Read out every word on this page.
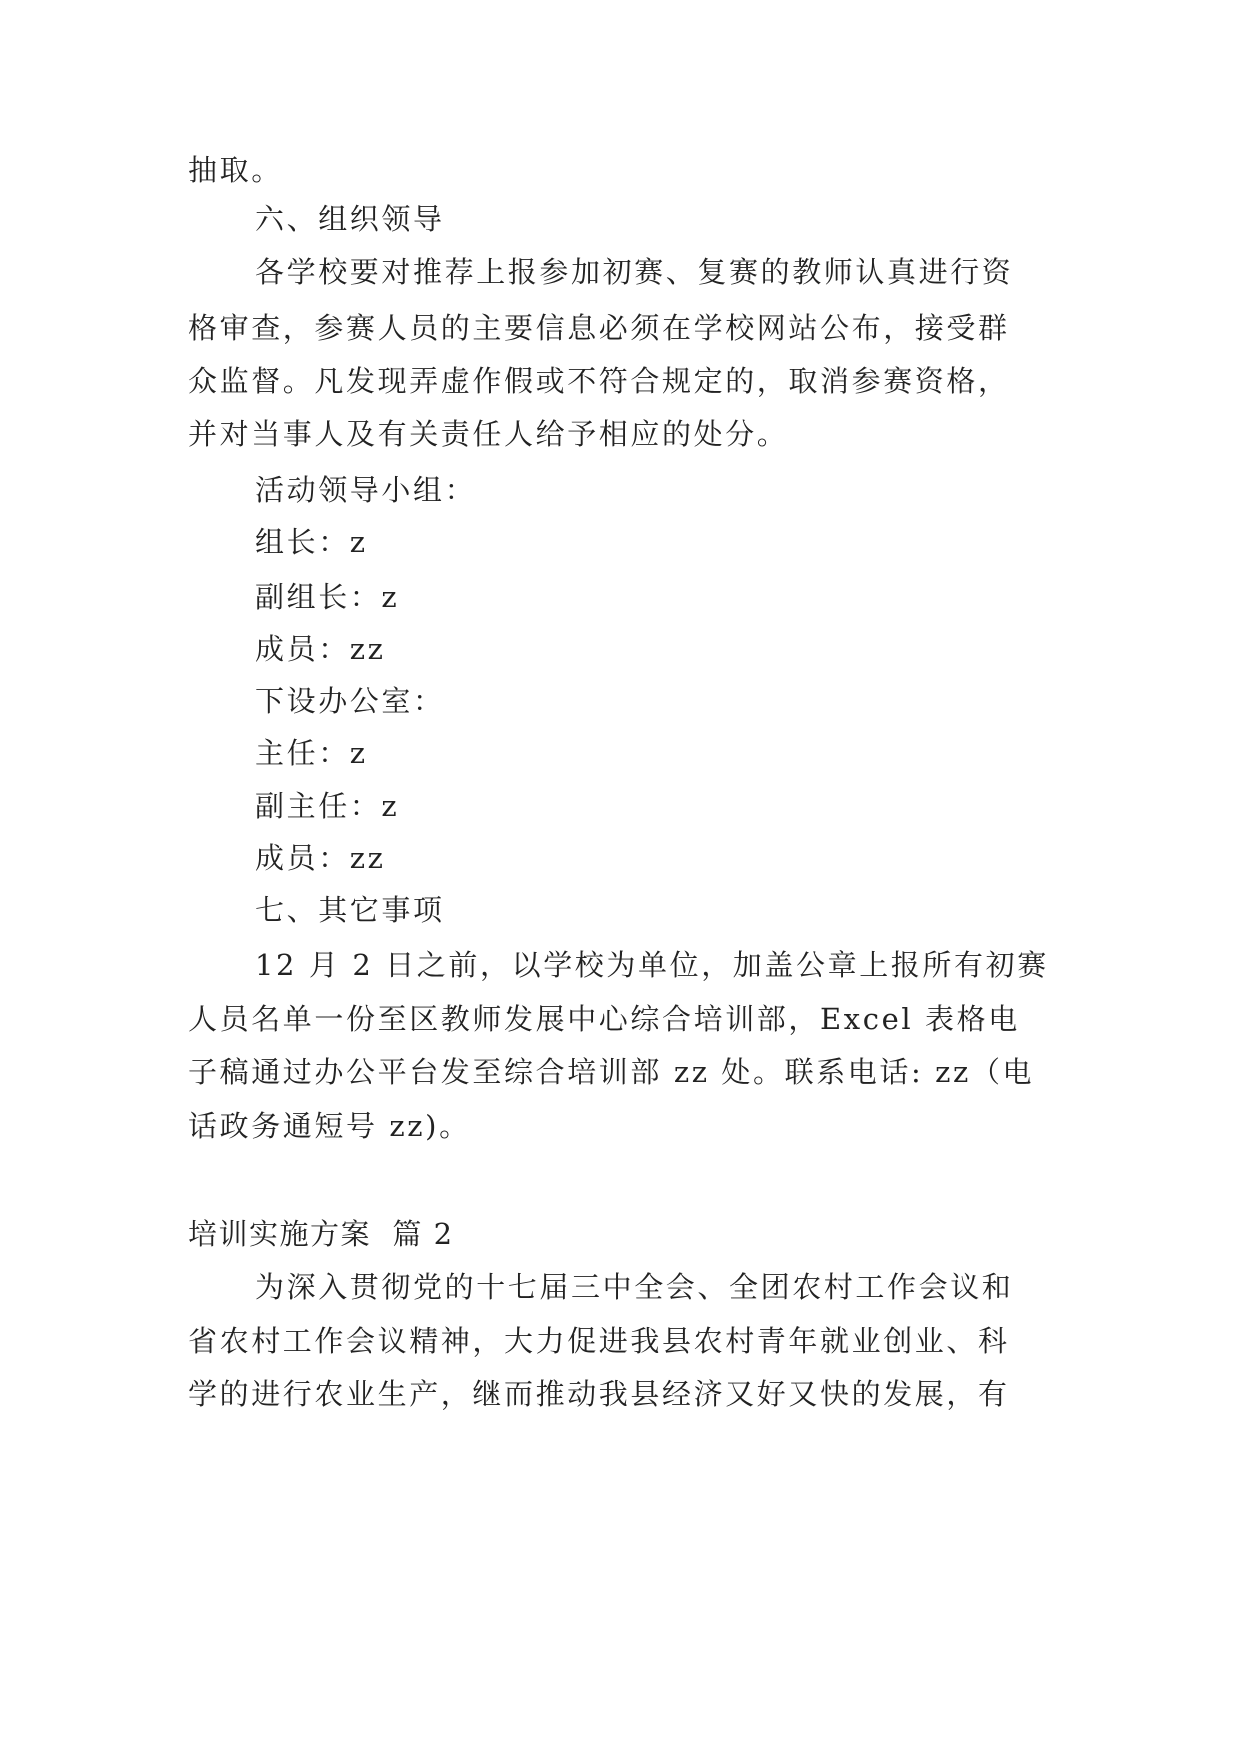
抽取。
六、组织领导
各学校要对推荐上报参加初赛、复赛的教师认真进行资
格审查，参赛人员的主要信息必须在学校网站公布，接受群
众监督。凡发现弄虚作假或不符合规定的，取消参赛资格，
并对当事人及有关责任人给予相应的处分。
活动领导小组：
组长：z
副组长：z
成员：zz
下设办公室：
主任：z
副主任：z
成员：zz
七、其它事项
12 月 2 日之前，以学校为单位，加盖公章上报所有初赛
人员名单一份至区教师发展中心综合培训部，Excel 表格电
子稿通过办公平台发至综合培训部 zz 处。联系电话: zz（电
话政务通短号 zz)。
培训实施方案  篇 2
为深入贯彻党的十七届三中全会、全团农村工作会议和
省农村工作会议精神，大力促进我县农村青年就业创业、科
学的进行农业生产，继而推动我县经济又好又快的发展，有
